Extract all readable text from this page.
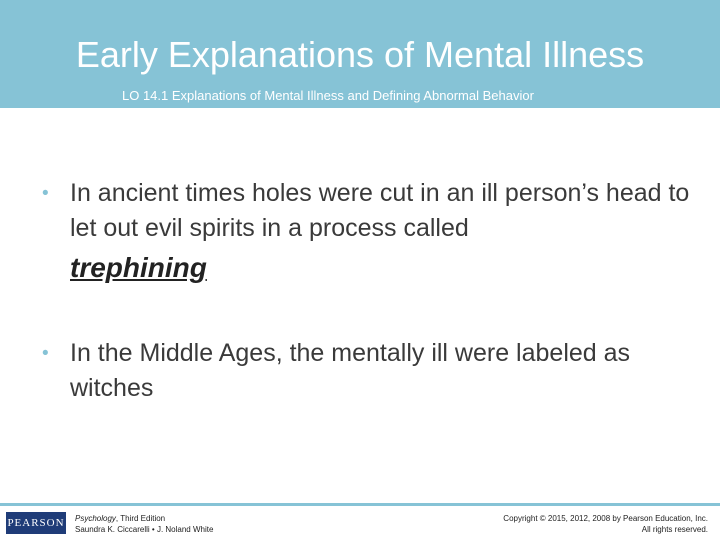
Early Explanations of Mental Illness
LO 14.1 Explanations of Mental Illness and Defining Abnormal Behavior
• In ancient times holes were cut in an ill person’s head to let out evil spirits in a process called
trephining
• In the Middle Ages, the mentally ill were labeled as witches
PEARSON Psychology, Third Edition
Saundra K. Ciccarelli • J. Noland White
Copyright © 2015, 2012, 2008 by Pearson Education, Inc.
All rights reserved.
